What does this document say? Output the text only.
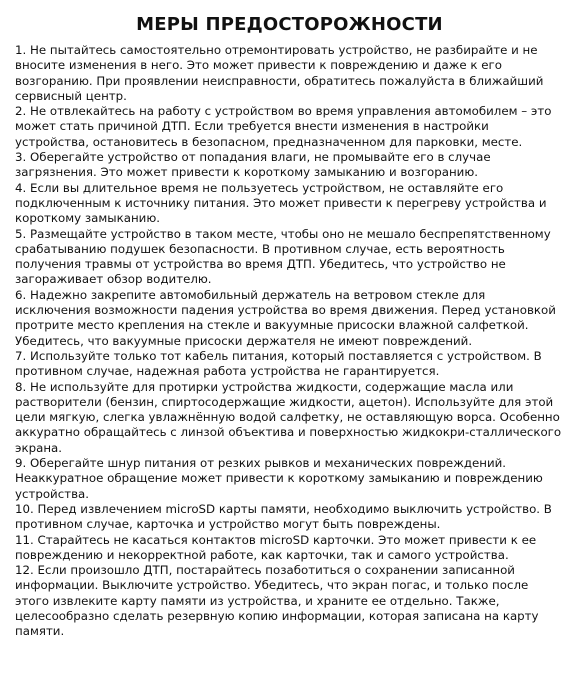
МЕРЫ ПРЕДОСТОРОЖНОСТИ

1. Не пытайтесь самостоятельно отремонтировать устройство, не разбирайте и не вносите изменения в него. Это может привести к повреждению и даже к его возгоранию. При проявлении неисправности, обратитесь пожалуйста в ближайший сервисный центр.

2. Не отвлекайтесь на работу с устройством во время управления автомобилем – это может стать причиной ДТП. Если требуется внести изменения в настройки устройства, остановитесь в безопасном, предназначенном для парковки, месте.

3. Оберегайте устройство от попадания влаги, не промывайте его в случае загрязнения. Это может привести к короткому замыканию и возгоранию.

4. Если вы длительное время не пользуетесь устройством, не оставляйте его подключенным к источнику питания. Это может привести к перегреву устройства и короткому замыканию.

5. Размещайте устройство в таком месте, чтобы оно не мешало беспрепятственному срабатыванию подушек безопасности. В противном случае, есть вероятность получения травмы от устройства во время ДТП. Убедитесь, что устройство не загораживает обзор водителю.

6. Надежно закрепите автомобильный держатель на ветровом стекле для исключения возможности падения устройства во время движения. Перед установкой протрите место крепления на стекле и вакуумные присоски влажной салфеткой. Убедитесь, что вакуумные присоски держателя не имеют повреждений.

7. Используйте только тот кабель питания, который поставляется с устройством. В противном случае, надежная работа устройства не гарантируется.

8. Не используйте для протирки устройства жидкости, содержащие масла или растворители (бензин, спиртосодержащие жидкости, ацетон). Используйте для этой цели мягкую, слегка увлажнённую водой салфетку, не оставляющую ворса. Особенно аккуратно обращайтесь с линзой объектива и поверхностью жидкокри-сталлического экрана.

9. Оберегайте шнур питания от резких рывков и механических повреждений. Неаккуратное обращение может привести к короткому замыканию и повреждению устройства.

10. Перед извлечением microSD карты памяти, необходимо выключить устройство. В противном случае, карточка и устройство могут быть повреждены.

11. Старайтесь не касаться контактов microSD карточки. Это может привести к ее повреждению и некорректной работе, как карточки, так и самого устройства.

12. Если произошло ДТП, постарайтесь позаботиться о сохранении записанной информации. Выключите устройство. Убедитесь, что экран погас, и только после этого извлеките карту памяти из устройства, и храните ее отдельно. Также, целесообразно сделать резервную копию информации, которая записана на карту памяти.
